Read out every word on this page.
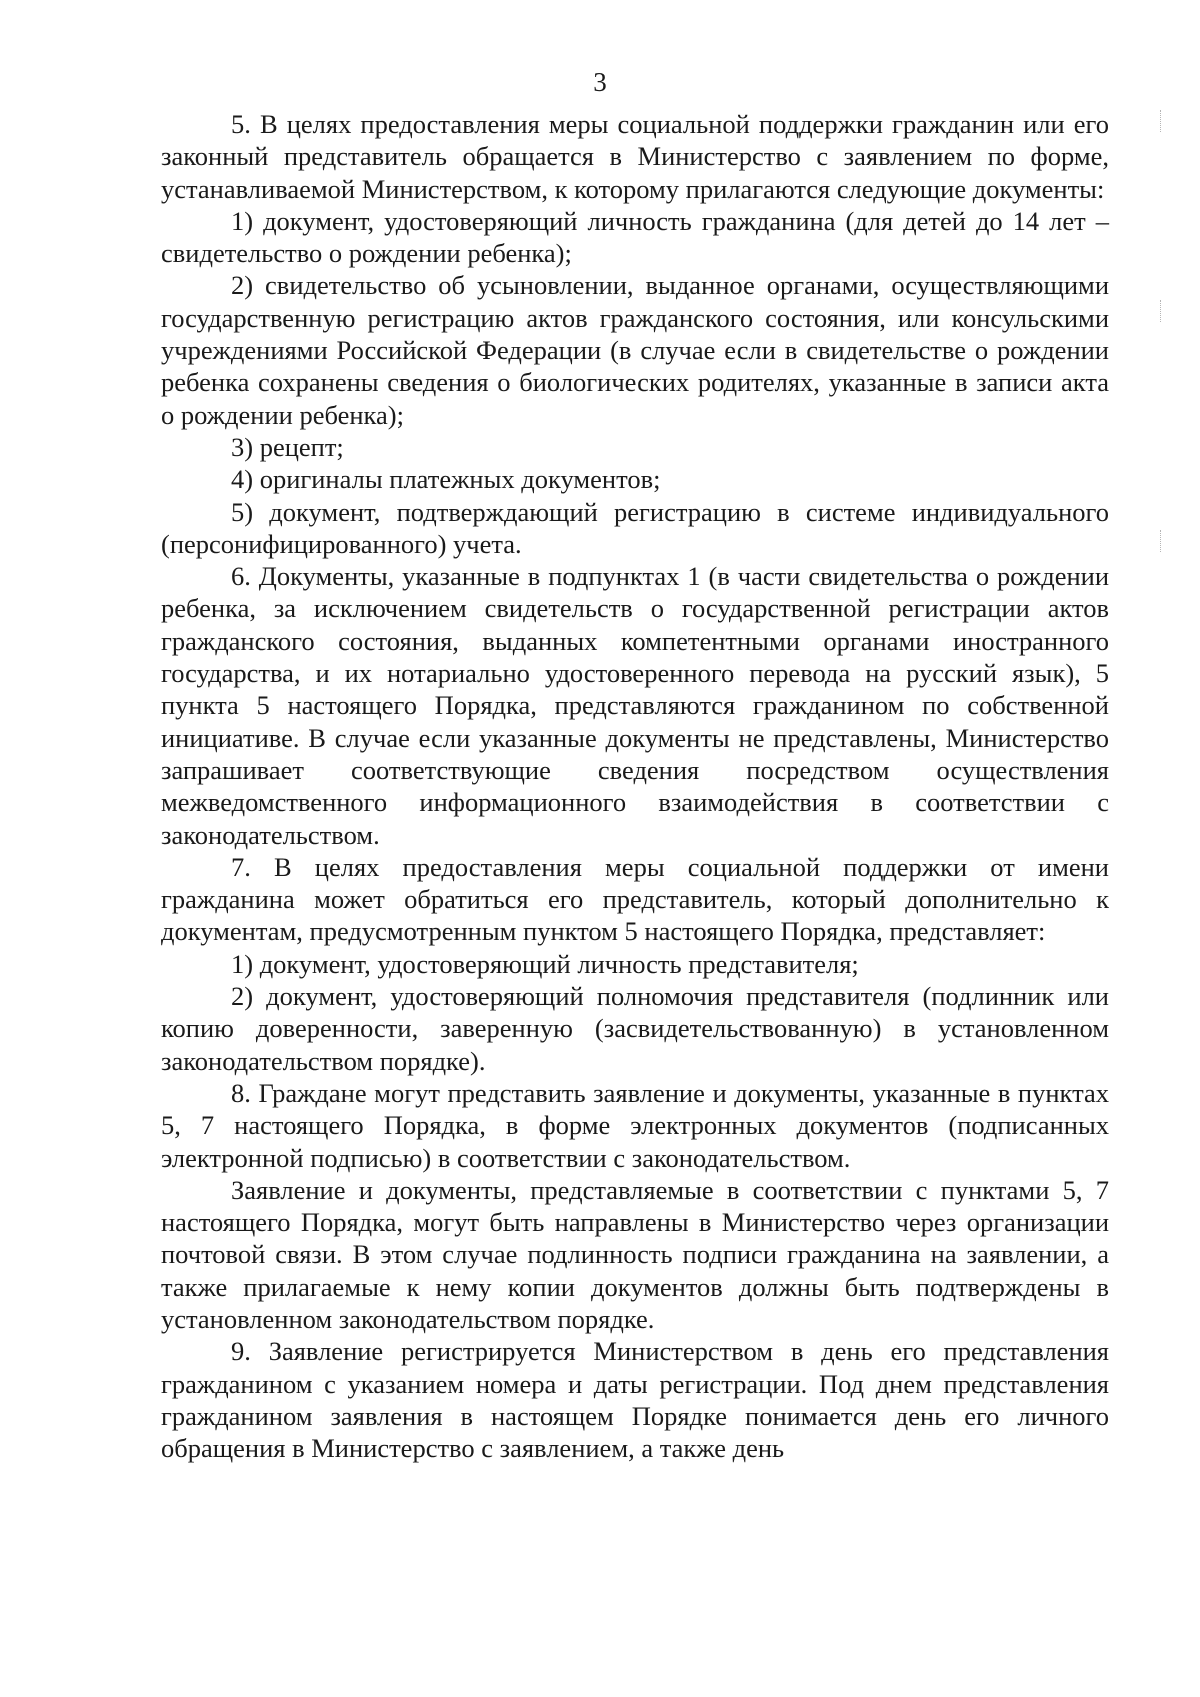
3

5. В целях предоставления меры социальной поддержки гражданин или его законный представитель обращается в Министерство с заявлением по форме, устанавливаемой Министерством, к которому прилагаются следующие документы:

1) документ, удостоверяющий личность гражданина (для детей до 14 лет – свидетельство о рождении ребенка);

2) свидетельство об усыновлении, выданное органами, осуществляющими государственную регистрацию актов гражданского состояния, или консульскими учреждениями Российской Федерации (в случае если в свидетельстве о рождении ребенка сохранены сведения о биологических родителях, указанные в записи акта о рождении ребенка);

3) рецепт;

4) оригиналы платежных документов;

5) документ, подтверждающий регистрацию в системе индивидуального (персонифицированного) учета.

6. Документы, указанные в подпунктах 1 (в части свидетельства о рождении ребенка, за исключением свидетельств о государственной регистрации актов гражданского состояния, выданных компетентными органами иностранного государства, и их нотариально удостоверенного перевода на русский язык), 5 пункта 5 настоящего Порядка, представляются гражданином по собственной инициативе. В случае если указанные документы не представлены, Министерство запрашивает соответствующие сведения посредством осуществления межведомственного информационного взаимодействия в соответствии с законодательством.

7. В целях предоставления меры социальной поддержки от имени гражданина может обратиться его представитель, который дополнительно к документам, предусмотренным пунктом 5 настоящего Порядка, представляет:

1) документ, удостоверяющий личность представителя;

2) документ, удостоверяющий полномочия представителя (подлинник или копию доверенности, заверенную (засвидетельствованную) в установленном законодательством порядке).

8. Граждане могут представить заявление и документы, указанные в пунктах 5, 7 настоящего Порядка, в форме электронных документов (подписанных электронной подписью) в соответствии с законодательством.

Заявление и документы, представляемые в соответствии с пунктами 5, 7 настоящего Порядка, могут быть направлены в Министерство через организации почтовой связи. В этом случае подлинность подписи гражданина на заявлении, а также прилагаемые к нему копии документов должны быть подтверждены в установленном законодательством порядке.

9. Заявление регистрируется Министерством в день его представления гражданином с указанием номера и даты регистрации. Под днем представления гражданином заявления в настоящем Порядке понимается день его личного обращения в Министерство с заявлением, а также день
